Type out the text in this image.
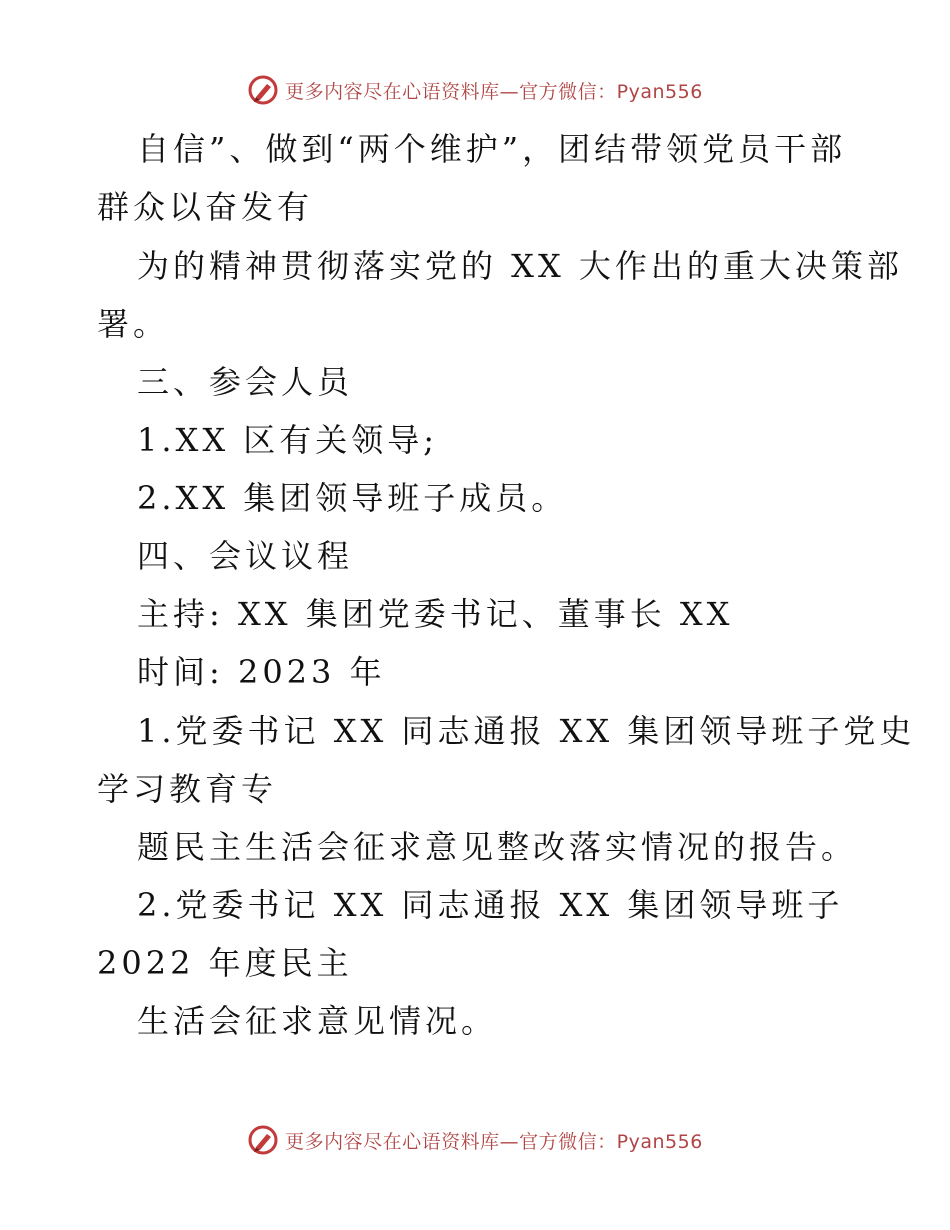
更多内容尽在心语资料库—官方微信：Pyan556
自信”、做到“两个维护”，团结带领党员干部
群众以奋发有
为的精神贯彻落实党的 XX 大作出的重大决策部
署。
三、参会人员
1.XX 区有关领导;
2.XX 集团领导班子成员。
四、会议议程
主持: XX 集团党委书记、董事长 XX
时间: 2023 年
1.党委书记 XX 同志通报 XX 集团领导班子党史
学习教育专
题民主生活会征求意见整改落实情况的报告。
2.党委书记 XX 同志通报 XX 集团领导班子
2022 年度民主
生活会征求意见情况。
更多内容尽在心语资料库—官方微信：Pyan556
